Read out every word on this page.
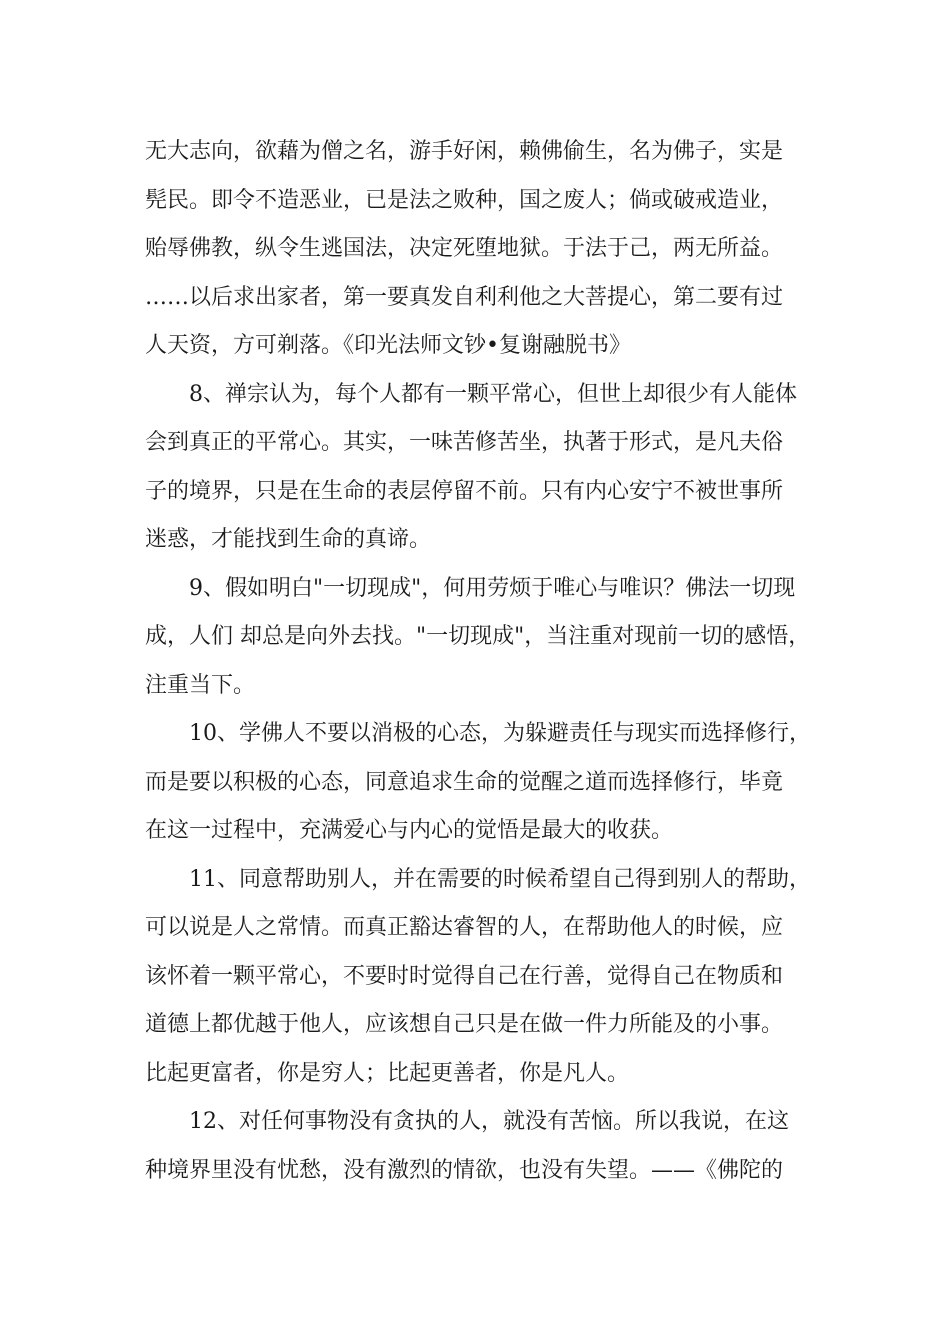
无大志向，欲藉为僧之名，游手好闲，赖佛偷生，名为佛子，实是
髡民。即令不造恶业，已是法之败种，国之废人；倘或破戒造业，
贻辱佛教，纵令生逃国法，决定死堕地狱。于法于己，两无所益。
……以后求出家者，第一要真发自利利他之大菩提心，第二要有过
人天资，方可剃落。《印光法师文钞•复谢融脱书》

8、禅宗认为，每个人都有一颗平常心，但世上却很少有人能体
会到真正的平常心。其实，一味苦修苦坐，执著于形式，是凡夫俗
子的境界，只是在生命的表层停留不前。只有内心安宁不被世事所
迷惑，才能找到生命的真谛。

9、假如明白"一切现成"，何用劳烦于唯心与唯识？佛法一切现
成，人们 却总是向外去找。"一切现成"，当注重对现前一切的感悟，
注重当下。

10、学佛人不要以消极的心态，为躲避责任与现实而选择修行，
而是要以积极的心态，同意追求生命的觉醒之道而选择修行，毕竟
在这一过程中，充满爱心与内心的觉悟是最大的收获。

11、同意帮助别人，并在需要的时候希望自己得到别人的帮助，
可以说是人之常情。而真正豁达睿智的人，在帮助他人的时候，应
该怀着一颗平常心，不要时时觉得自己在行善，觉得自己在物质和
道德上都优越于他人，应该想自己只是在做一件力所能及的小事。
比起更富者，你是穷人；比起更善者，你是凡人。

12、对任何事物没有贪执的人，就没有苦恼。所以我说，在这
种境界里没有忧愁，没有激烈的情欲，也没有失望。——《佛陀的
